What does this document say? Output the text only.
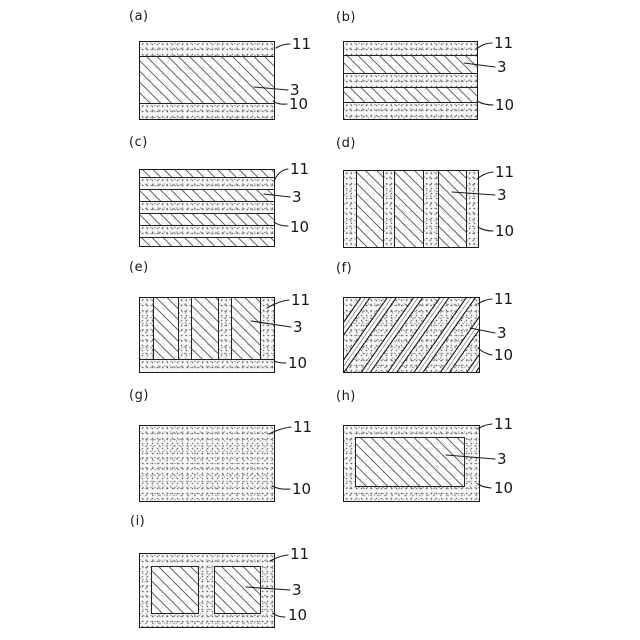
(a)	(b)
(c)	(d)
(e)	(f)
(g)	(h)
(i)
11
3
10
11
3
10
11
3
10
11
3
10
11
3
10
11
3
10
11
10
11
3
10
11
3
10
